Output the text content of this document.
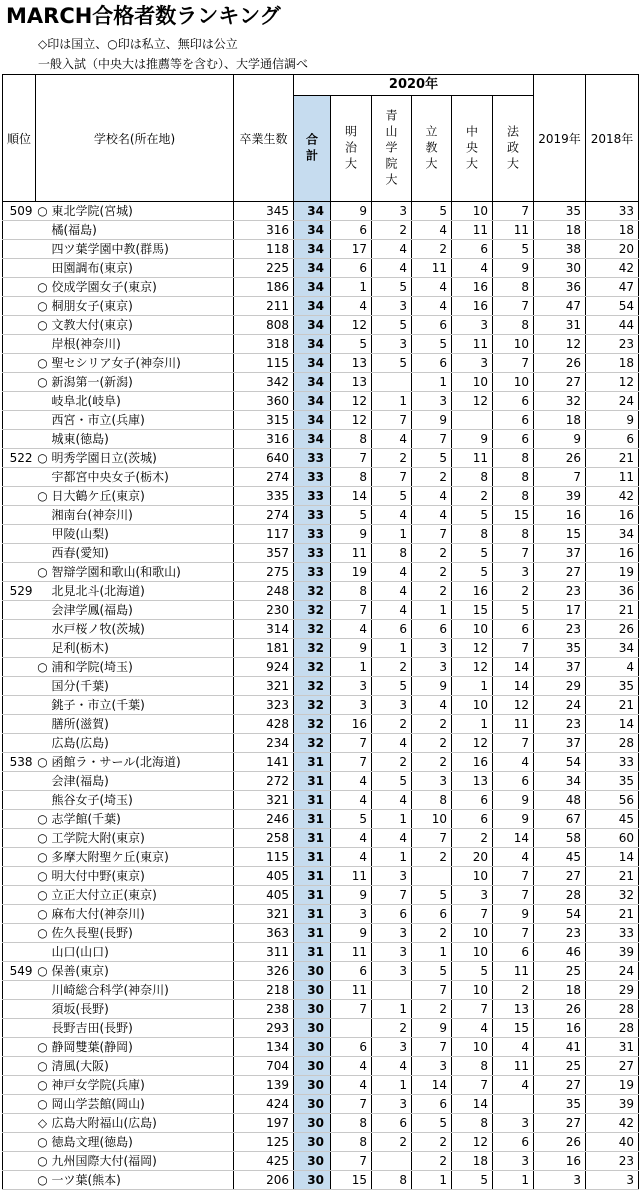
MARCH合格者数ランキング
◇印は国立、○印は私立、無印は公立
一般入試（中央大は推薦等を含む）、大学通信調べ
順位	学校名(所在地)		卒業生数	2020年						2019年	2018年

				合計	明治大	青山学院大	立教大	中央大	法政大		

509	○	東北学院(宮城)	345	34	9	3	5	10	7	35	33
		橘(福島)	316	34	6	2	4	11	11	18	18
		四ツ葉学園中教(群馬)	118	34	17	4	2	6	5	38	20
		田園調布(東京)	225	34	6	4	11	4	9	30	42
	○	佼成学園女子(東京)	186	34	1	5	4	16	8	36	47
	○	桐朋女子(東京)	211	34	4	3	4	16	7	47	54
	○	文教大付(東京)	808	34	12	5	6	3	8	31	44
		岸根(神奈川)	318	34	5	3	5	11	10	12	23
	○	聖セシリア女子(神奈川)	115	34	13	5	6	3	7	26	18
	○	新潟第一(新潟)	342	34	13		1	10	10	27	12
		岐阜北(岐阜)	360	34	12	1	3	12	6	32	24
		西宮・市立(兵庫)	315	34	12	7	9		6	18	9
		城東(徳島)	316	34	8	4	7	9	6	9	6
522	○	明秀学園日立(茨城)	640	33	7	2	5	11	8	26	21
		宇都宮中央女子(栃木)	274	33	8	7	2	8	8	7	11
	○	日大鶴ケ丘(東京)	335	33	14	5	4	2	8	39	42
		湘南台(神奈川)	274	33	5	4	4	5	15	16	16
		甲陵(山梨)	117	33	9	1	7	8	8	15	34
		西春(愛知)	357	33	11	8	2	5	7	37	16
	○	智辯学園和歌山(和歌山)	275	33	19	4	2	5	3	27	19
529		北見北斗(北海道)	248	32	8	4	2	16	2	23	36
		会津学鳳(福島)	230	32	7	4	1	15	5	17	21
		水戸桜ノ牧(茨城)	314	32	4	6	6	10	6	23	26
		足利(栃木)	181	32	9	1	3	12	7	35	34
	○	浦和学院(埼玉)	924	32	1	2	3	12	14	37	4
		国分(千葉)	321	32	3	5	9	1	14	29	35
		銚子・市立(千葉)	323	32	3	3	4	10	12	24	21
		膳所(滋賀)	428	32	16	2	2	1	11	23	14
		広島(広島)	234	32	7	4	2	12	7	37	28
538	○	函館ラ・サール(北海道)	141	31	7	2	2	16	4	54	33
		会津(福島)	272	31	4	5	3	13	6	34	35
		熊谷女子(埼玉)	321	31	4	4	8	6	9	48	56
	○	志学館(千葉)	246	31	5	1	10	6	9	67	45
	○	工学院大附(東京)	258	31	4	4	7	2	14	58	60
	○	多摩大附聖ケ丘(東京)	115	31	4	1	2	20	4	45	14
	○	明大付中野(東京)	405	31	11	3		10	7	27	21
	○	立正大付立正(東京)	405	31	9	7	5	3	7	28	32
	○	麻布大付(神奈川)	321	31	3	6	6	7	9	54	21
	○	佐久長聖(長野)	363	31	9	3	2	10	7	23	33
		山口(山口)	311	31	11	3	1	10	6	46	39
549	○	保善(東京)	326	30	6	3	5	5	11	25	24
		川崎総合科学(神奈川)	218	30	11		7	10	2	18	29
		須坂(長野)	238	30	7	1	2	7	13	26	28
		長野吉田(長野)	293	30		2	9	4	15	16	28
	○	静岡雙葉(静岡)	134	30	6	3	7	10	4	41	31
	○	清風(大阪)	704	30	4	4	3	8	11	25	27
	○	神戸女学院(兵庫)	139	30	4	1	14	7	4	27	19
	○	岡山学芸館(岡山)	424	30	7	3	6	14		35	39
	◇	広島大附福山(広島)	197	30	8	6	5	8	3	27	42
	○	徳島文理(徳島)	125	30	8	2	2	12	6	26	40
	○	九州国際大付(福岡)	425	30	7		2	18	3	16	23
	○	一ツ葉(熊本)	206	30	15	8	1	5	1	3	3
